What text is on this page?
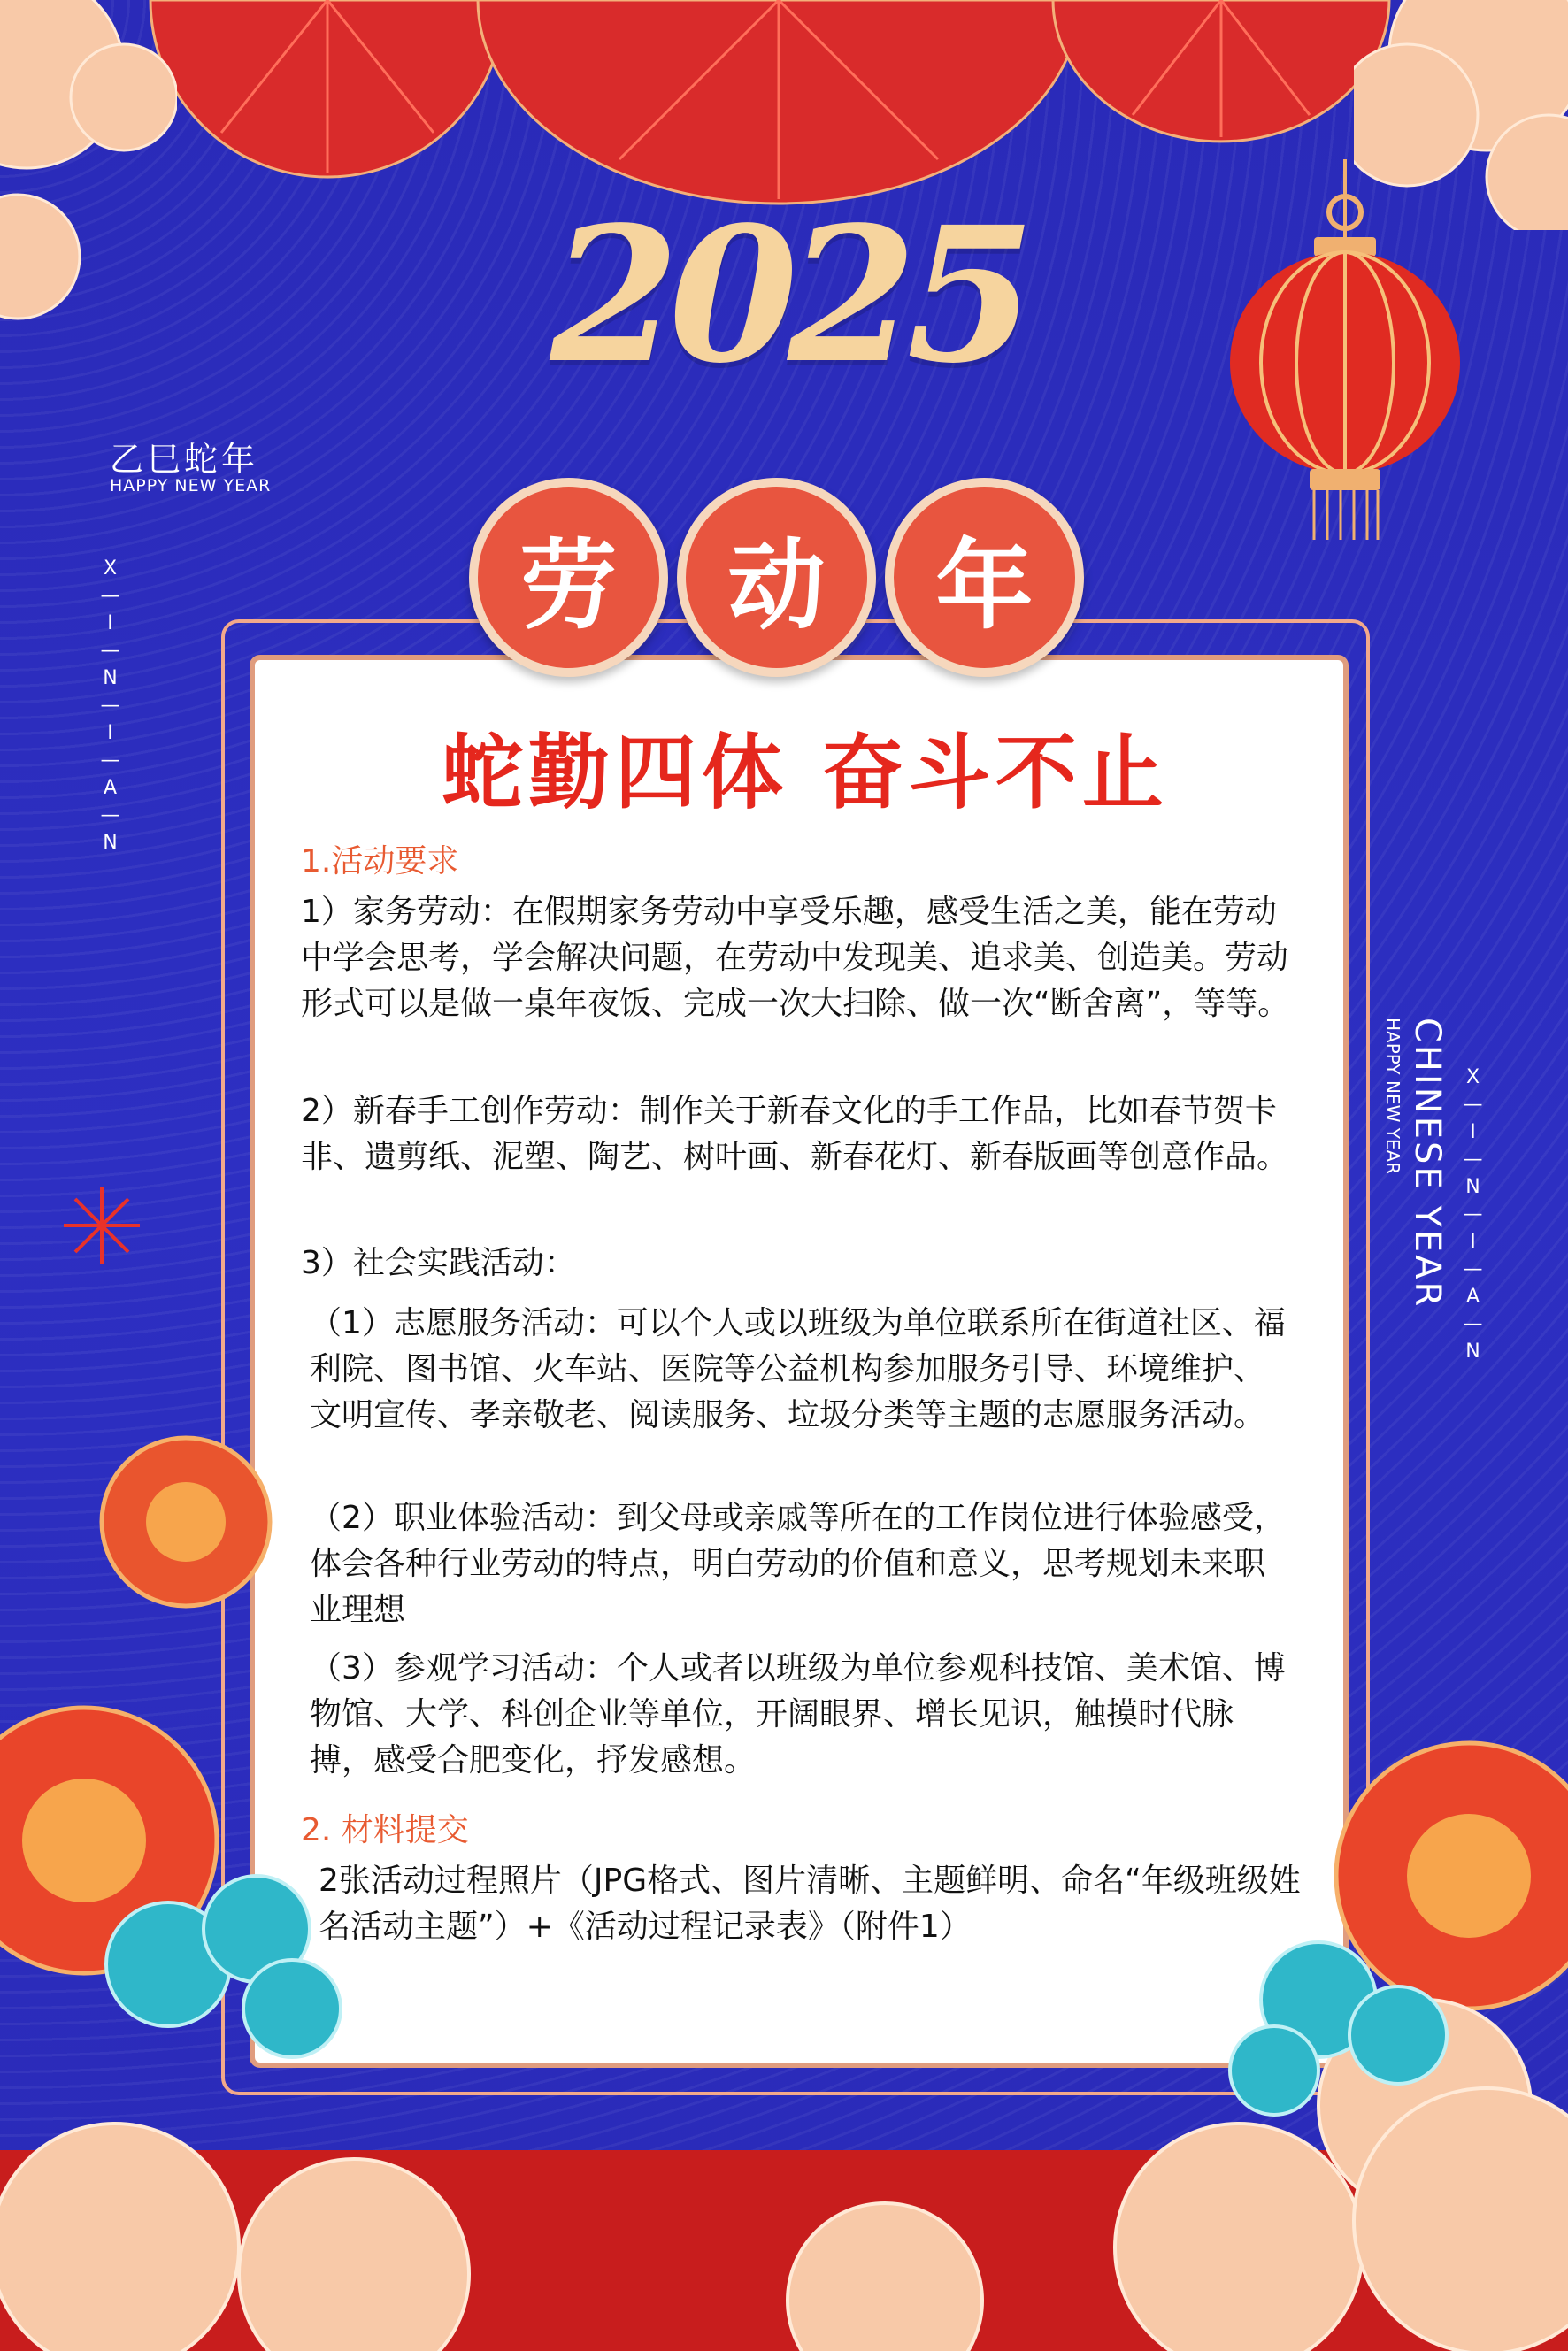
2025
乙巳蛇年
HAPPY NEW YEAR
X—I—N—I—A—N
CHINESE YEAR
HAPPY NEW YEAR	X—I—N—I—A—N
劳	动	年
蛇勤四体 奋斗不止
1.活动要求
1）家务劳动：在假期家务劳动中享受乐趣，感受生活之美，能在劳动中学会思考，学会解决问题，在劳动中发现美、追求美、创造美。劳动形式可以是做一桌年夜饭、完成一次大扫除、做一次“断舍离”，等等。
2）新春手工创作劳动：制作关于新春文化的手工作品，比如春节贺卡非、遗剪纸、泥塑、陶艺、树叶画、新春花灯、新春版画等创意作品。
3）社会实践活动：
（1）志愿服务活动：可以个人或以班级为单位联系所在街道社区、福利院、图书馆、火车站、医院等公益机构参加服务引导、环境维护、文明宣传、孝亲敬老、阅读服务、垃圾分类等主题的志愿服务活动。
（2）职业体验活动：到父母或亲戚等所在的工作岗位进行体验感受，体会各种行业劳动的特点，明白劳动的价值和意义，思考规划未来职业理想
（3）参观学习活动：个人或者以班级为单位参观科技馆、美术馆、博物馆、大学、科创企业等单位，开阔眼界、增长见识，触摸时代脉搏，感受合肥变化，抒发感想。
2. 材料提交
2张活动过程照片（JPG格式、图片清晰、主题鲜明、命名“年级班级姓名活动主题”）+《活动过程记录表》（附件1）
